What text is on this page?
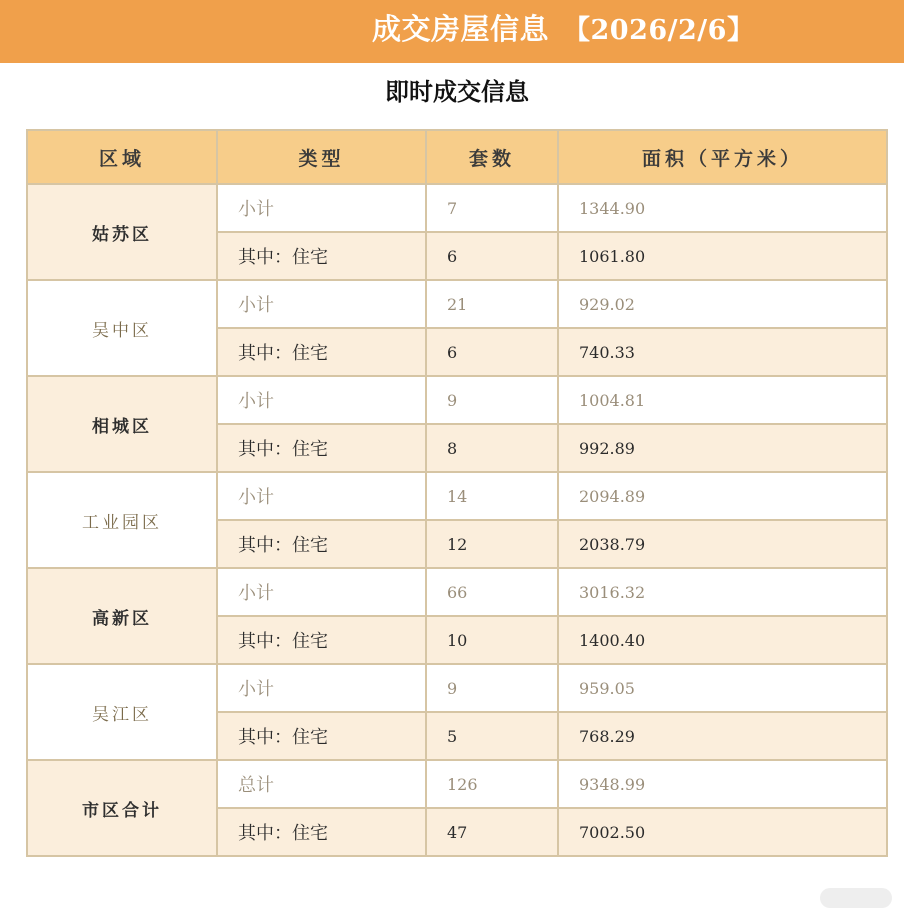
成交房屋信息 【2026/2/6】
即时成交信息
区域	类型	套数	面积（平方米）
姑苏区	小计	7	1344.90
	其中：住宅	6	1061.80
吴中区	小计	21	929.02
	其中：住宅	6	740.33
相城区	小计	9	1004.81
	其中：住宅	8	992.89
工业园区	小计	14	2094.89
	其中：住宅	12	2038.79
高新区	小计	66	3016.32
	其中：住宅	10	1400.40
吴江区	小计	9	959.05
	其中：住宅	5	768.29
市区合计	总计	126	9348.99
	其中：住宅	47	7002.50
